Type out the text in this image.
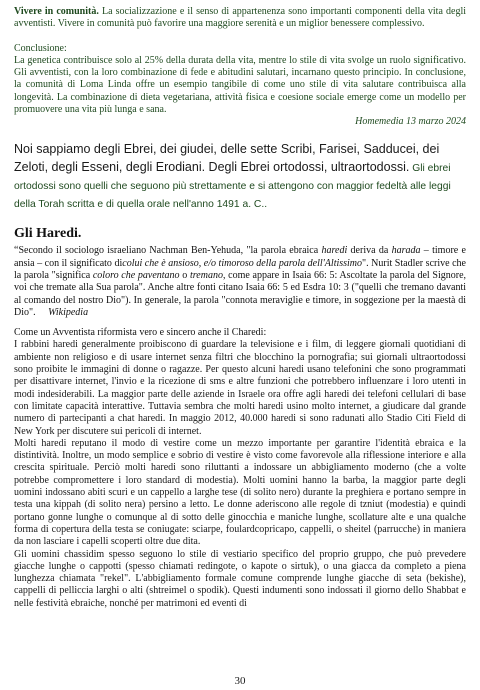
Vivere in comunità. La socializzazione e il senso di appartenenza sono importanti componenti della vita degli avventisti. Vivere in comunità può favorire una maggiore serenità e un miglior benessere complessivo.

Conclusione:

La genetica contribuisce solo al 25% della durata della vita, mentre lo stile di vita svolge un ruolo significativo. Gli avventisti, con la loro combinazione di fede e abitudini salutari, incarnano questo principio. In conclusione, la comunità di Loma Linda offre un esempio tangibile di come uno stile di vita salutare contribuisca alla longevità. La combinazione di dieta vegetariana, attività fisica e coesione sociale emerge come un modello per promuovere una vita più lunga e sana.

Homemedia 13 marzo 2024

Noi sappiamo degli Ebrei, dei giudei, delle sette Scribi, Farisei, Sadducei, dei Zeloti, degli Esseni, degli Erodiani. Degli Ebrei ortodossi, ultraortodossi. Gli ebrei ortodossi sono quelli che seguono più strettamente e si attengono con maggior fedeltà alle leggi della Torah scritta e di quella orale nell'anno 1491 a. C..

Gli Haredi.

“Secondo il sociologo israeliano Nachman Ben-Yehuda, "la parola ebraica haredi deriva da harada – timore e ansia – con il significato dicolui che è ansioso, e/o timoroso della parola dell'Altissimo". Nurit Stadler scrive che la parola "significa coloro che paventano o tremano, come appare in Isaia 66: 5: Ascoltate la parola del Signore, voi che tremate alla Sua parola". Anche altre fonti citano Isaia 66: 5 ed Esdra 10: 3 ("quelli che tremano davanti al comando del nostro Dio"). In generale, la parola "connota meraviglie e timore, in soggezione per la maestà di Dio". Wikipedia

Come un Avventista riformista vero e sincero anche il Charedi:

I rabbini haredi generalmente proibiscono di guardare la televisione e i film, di leggere giornali quotidiani di ambiente non religioso e di usare internet senza filtri che blocchino la pornografia; sui giornali ultraortodossi sono proibite le immagini di donne o ragazze. Per questo alcuni haredi usano telefonini che sono programmati per disattivare internet, l'invio e la ricezione di sms e altre funzioni che potrebbero influenzare i loro utenti in modi indesiderabili. La maggior parte delle aziende in Israele ora offre agli haredi dei telefoni cellulari di base con limitate capacità interattive. Tuttavia sembra che molti haredi usino molto internet, a giudicare dal grande numero di partecipanti a chat haredi. In maggio 2012, 40.000 haredi si sono radunati allo Stadio Citi Field di New York per discutere sui pericoli di internet.

Molti haredi reputano il modo di vestire come un mezzo importante per garantire l'identità ebraica e la distintività. Inoltre, un modo semplice e sobrio di vestire è visto come favorevole alla riflessione interiore e alla crescita spirituale. Perciò molti haredi sono riluttanti a indossare un abbigliamento moderno (che a volte potrebbe compromettere i loro standard di modestia). Molti uomini hanno la barba, la maggior parte degli uomini indossano abiti scuri e un cappello a larghe tese (di solito nero) durante la preghiera e portano sempre in testa una kippah (di solito nera) persino a letto. Le donne aderiscono alle regole di tzniut (modestia) e quindi portano gonne lunghe o comunque al di sotto delle ginocchia e maniche lunghe, scollature alte e una qualche forma di copertura della testa se coniugate: sciarpe, foulardcopricapo, cappelli, o sheitel (parrucche) in maniera da non lasciare i capelli scoperti oltre due dita.

Gli uomini chassidim spesso seguono lo stile di vestiario specifico del proprio gruppo, che può prevedere giacche lunghe o cappotti (spesso chiamati redingote, o kapote o sirtuk), o una giacca da completo a piena lunghezza chiamata "rekel". L'abbigliamento formale comune comprende lunghe giacche di seta (bekishe), cappelli di pelliccia larghi o alti (shtreimel o spodik). Questi indumenti sono indossati il giorno dello Shabbat e nelle festività ebraiche, nonché per matrimoni ed eventi di

30
